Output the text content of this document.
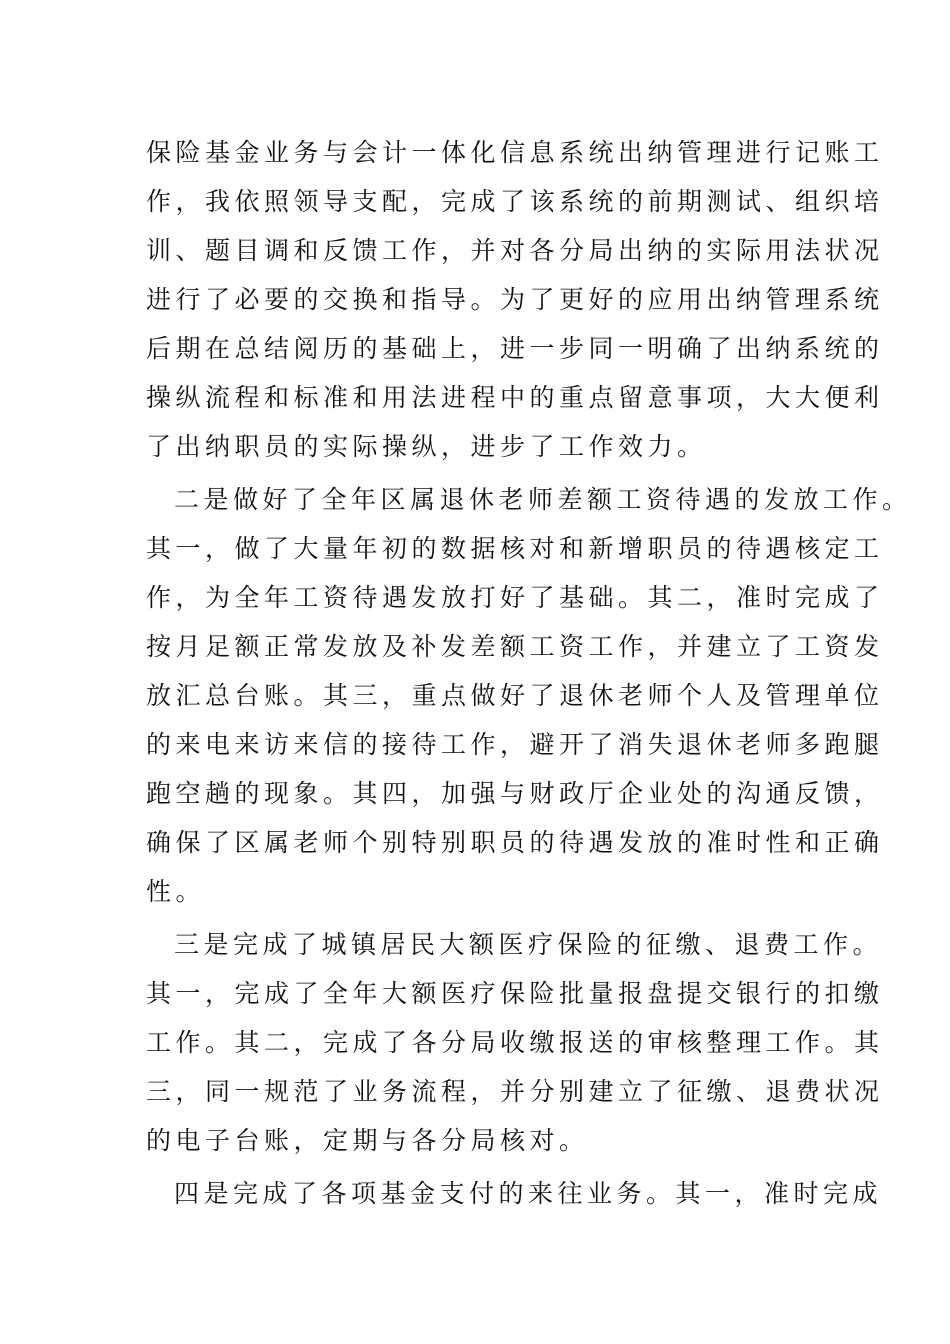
保险基金业务与会计一体化信息系统出纳管理进行记账工
作，我依照领导支配，完成了该系统的前期测试、组织培
训、题目调和反馈工作，并对各分局出纳的实际用法状况
进行了必要的交换和指导。为了更好的应用出纳管理系统
后期在总结阅历的基础上，进一步同一明确了出纳系统的
操纵流程和标准和用法进程中的重点留意事项，大大便利
了出纳职员的实际操纵，进步了工作效力。
二是做好了全年区属退休老师差额工资待遇的发放工作。
其一，做了大量年初的数据核对和新增职员的待遇核定工
作，为全年工资待遇发放打好了基础。其二，准时完成了
按月足额正常发放及补发差额工资工作，并建立了工资发
放汇总台账。其三，重点做好了退休老师个人及管理单位
的来电来访来信的接待工作，避开了消失退休老师多跑腿
跑空趟的现象。其四，加强与财政厅企业处的沟通反馈，
确保了区属老师个别特别职员的待遇发放的准时性和正确
性。
三是完成了城镇居民大额医疗保险的征缴、退费工作。
其一，完成了全年大额医疗保险批量报盘提交银行的扣缴
工作。其二，完成了各分局收缴报送的审核整理工作。其
三，同一规范了业务流程，并分别建立了征缴、退费状况
的电子台账，定期与各分局核对。
四是完成了各项基金支付的来往业务。其一，准时完成
